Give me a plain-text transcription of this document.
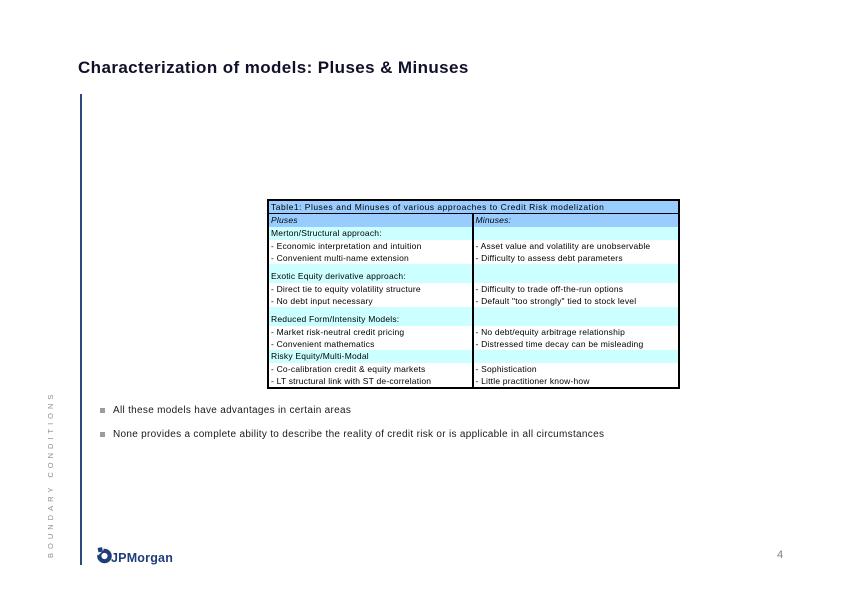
Characterization of models: Pluses & Minuses
BOUNDARY CONDITIONS
Table1: Pluses and Minuses of various approaches to Credit Risk modelization
Pluses	Minuses:
Merton/Structural approach:
- Economic interpretation and intuition	- Asset value and volatility are unobservable
- Convenient multi-name extension	- Difficulty to assess debt parameters
Exotic Equity derivative approach:
- Direct tie to equity volatility structure	- Difficulty to trade off-the-run options
- No debt input necessary	- Default "too strongly" tied to stock level
Reduced Form/Intensity Models:
- Market risk-neutral credit pricing	- No debt/equity arbitrage relationship
- Convenient mathematics	- Distressed time decay can be misleading
Risky Equity/Multi-Modal
- Co-calibration credit & equity markets	- Sophistication
- LT structural link with ST de-correlation	- Little practitioner know-how
All these models have advantages in certain areas
None provides a complete ability to describe the reality of credit risk or is applicable in all circumstances
JPMorgan	4
